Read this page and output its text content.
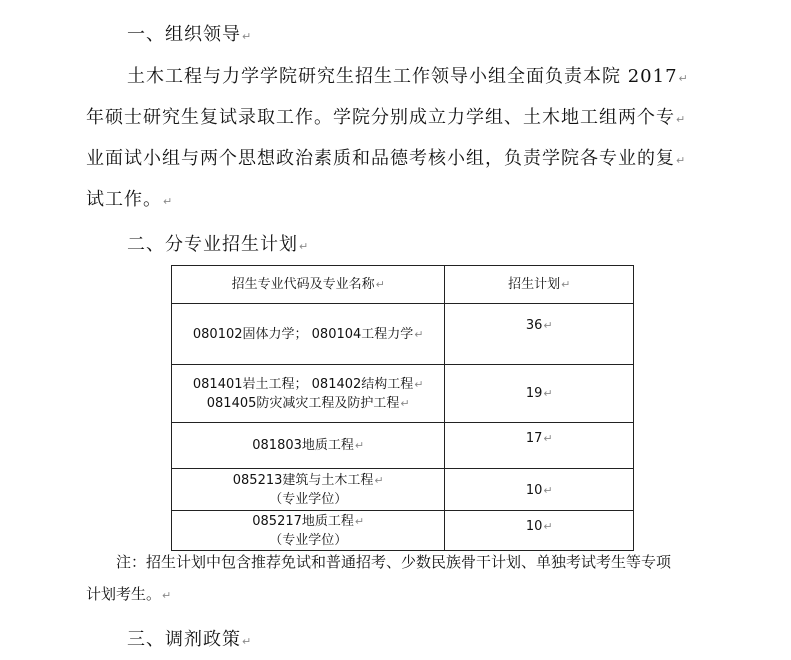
一、组织领导↵
土木工程与力学学院研究生招生工作领导小组全面负责本院 2017↵
年硕士研究生复试录取工作。学院分别成立力学组、土木地工组两个专↵
业面试小组与两个思想政治素质和品德考核小组，负责学院各专业的复↵
试工作。↵
二、分专业招生计划↵
招生专业代码及专业名称↵	招生计划↵
080102固体力学； 080104工程力学↵	36↵

081401岩土工程； 081402结构工程↵
081405防灾减灾工程及防护工程↵	19↵
081803地质工程↵	17↵

085213建筑与土木工程↵
（专业学位）	10↵

085217地质工程↵
（专业学位）	10↵
注：招生计划中包含推荐免试和普通招考、少数民族骨干计划、单独考试考生等专项
计划考生。↵
三、调剂政策↵
